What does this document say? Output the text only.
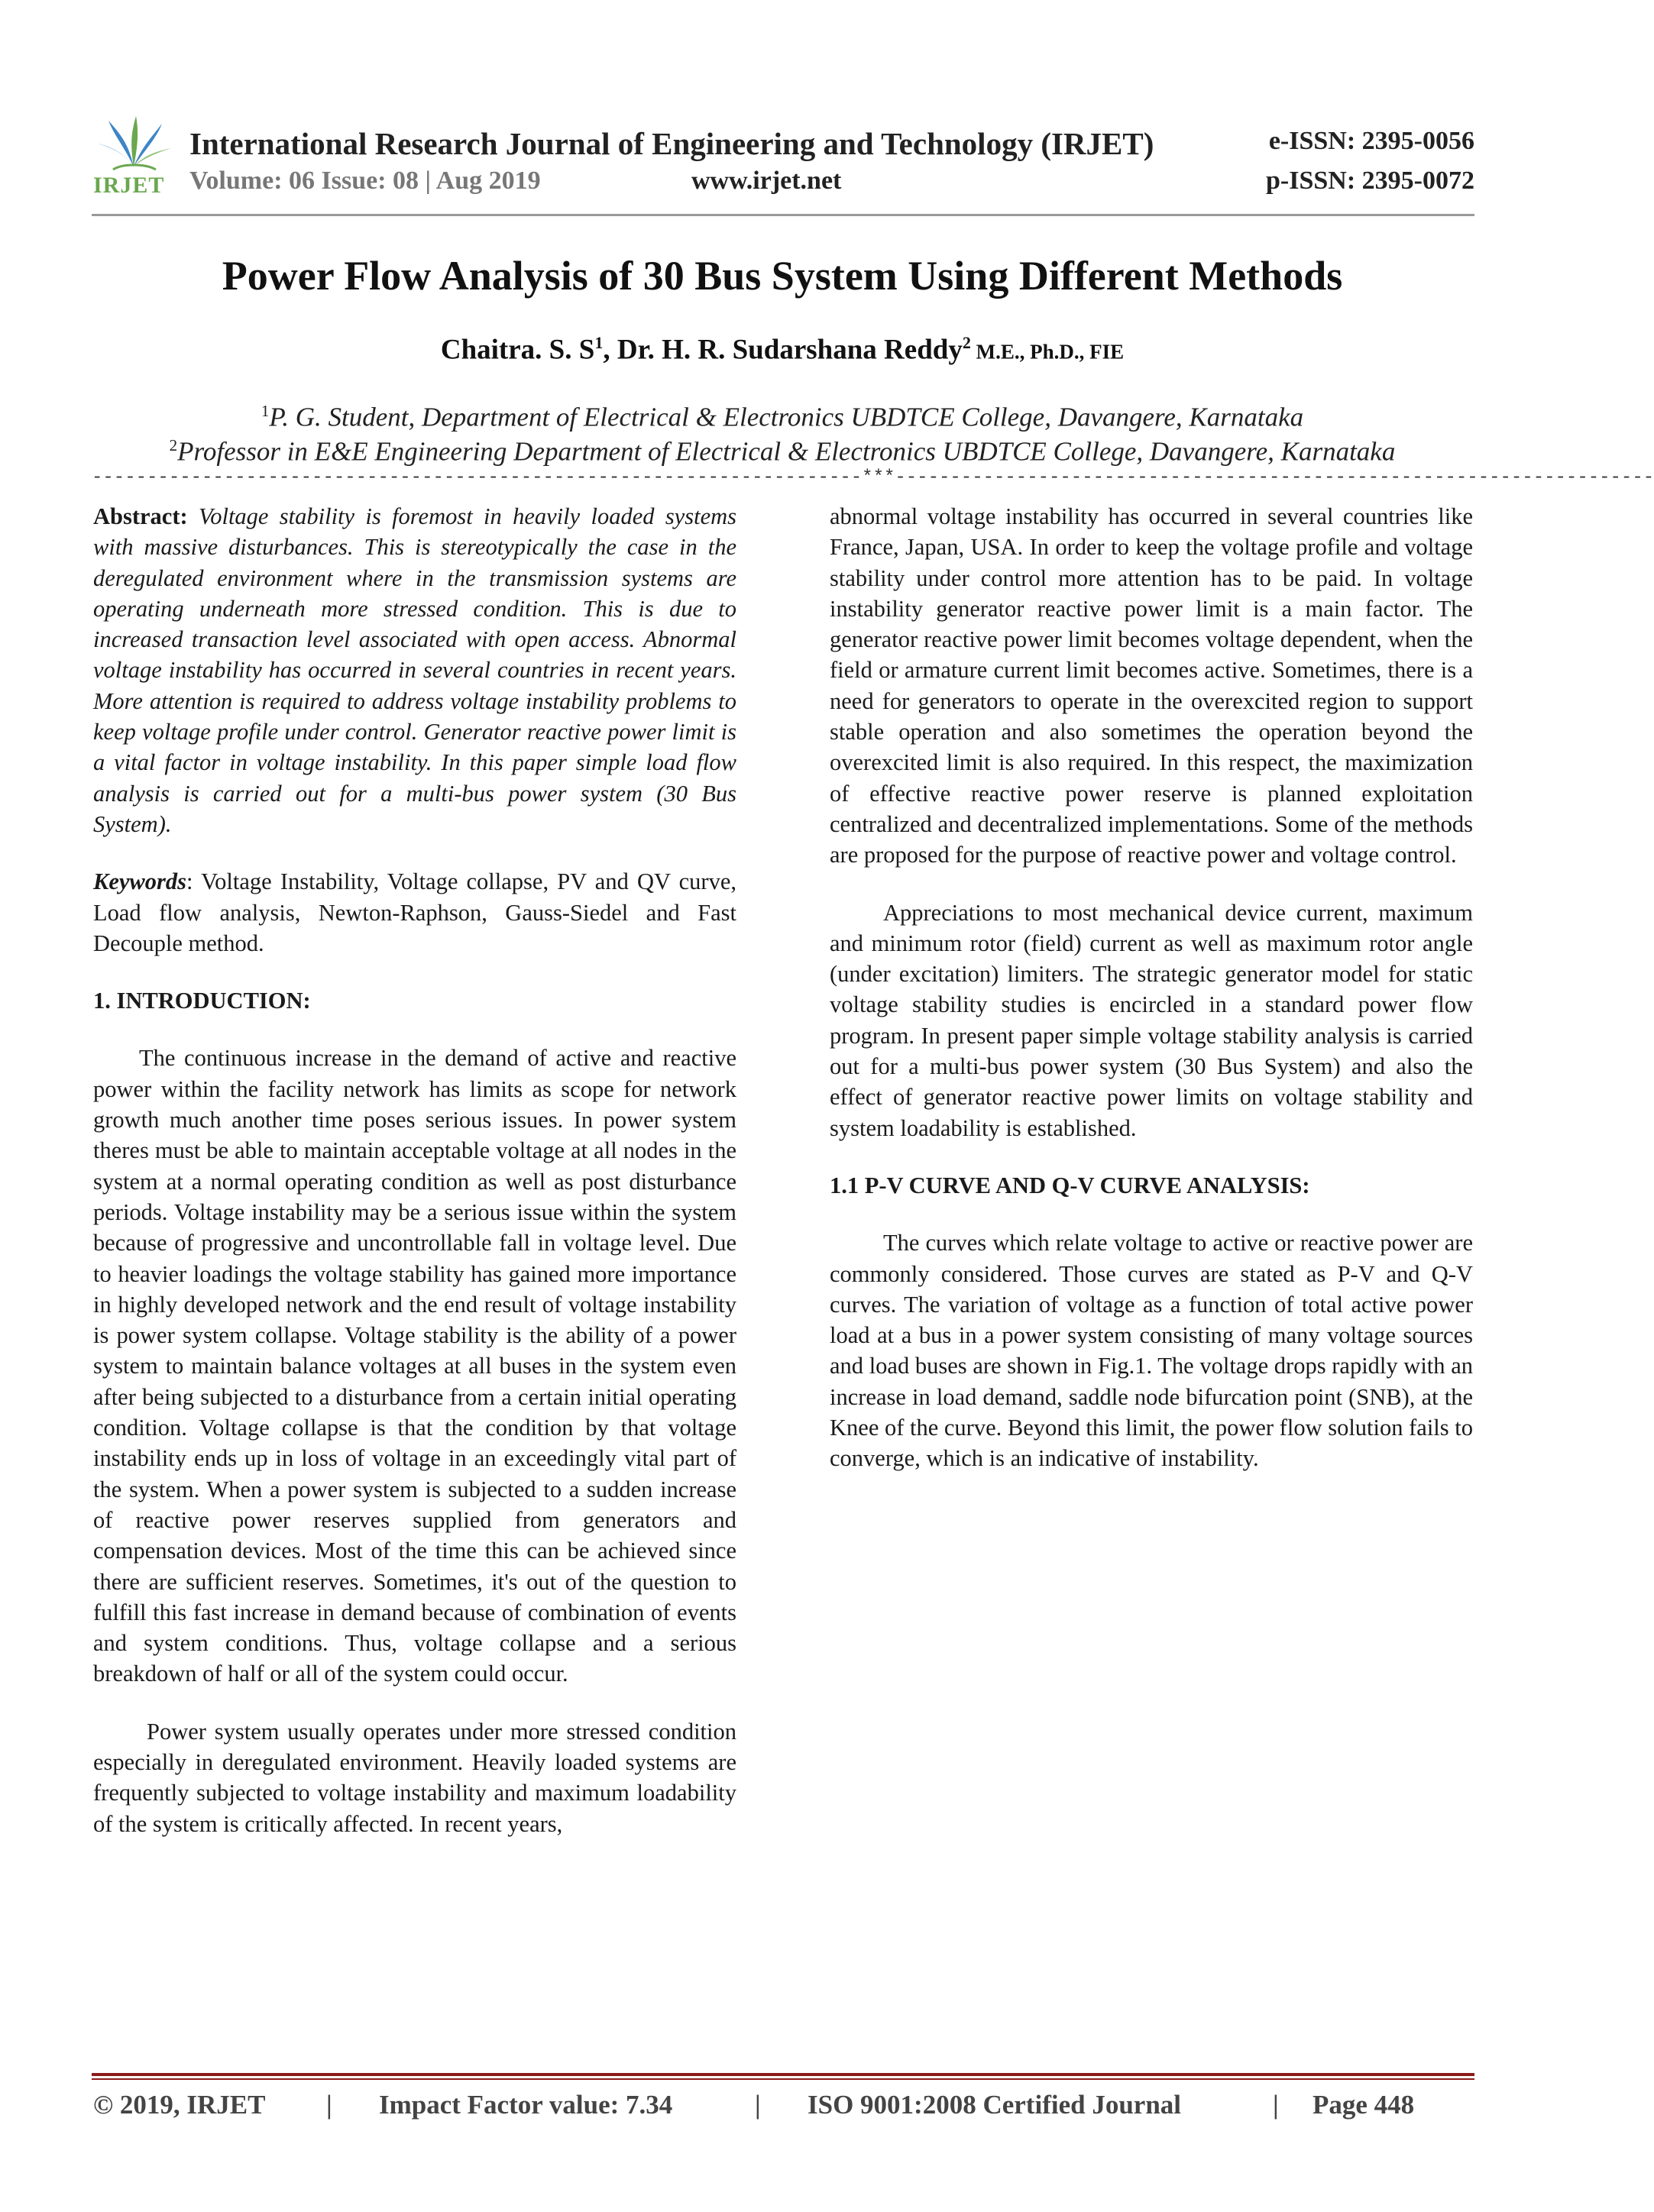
IRJET
International Research Journal of Engineering and Technology (IRJET)
Volume: 06 Issue: 08 | Aug 2019	www.irjet.net
e-ISSN: 2395-0056
p-ISSN: 2395-0072
Power Flow Analysis of 30 Bus System Using Different Methods
Chaitra. S. $S^1$, Dr. H. R. Sudarshana Reddy$^2$ M.E., Ph.D., FIE
$^1$P. G. Student, Department of Electrical & Electronics UBDTCE College, Davangere, Karnataka
$^2$Professor in E&E Engineering Department of Electrical & Electronics UBDTCE College, Davangere, Karnataka
----------------------------------------------------------------------***---------------------------------------------------------------------

Abstract: Voltage stability is foremost in heavily loaded systems with massive disturbances. This is stereotypically the case in the deregulated environment where in the transmission systems are operating underneath more stressed condition. This is due to increased transaction level associated with open access. Abnormal voltage instability has occurred in several countries in recent years. More attention is required to address voltage instability problems to keep voltage profile under control. Generator reactive power limit is a vital factor in voltage instability. In this paper simple load flow analysis is carried out for a multi-bus power system (30 Bus System).

Keywords: Voltage Instability, Voltage collapse, PV and QV curve, Load flow analysis, Newton-Raphson, Gauss-Siedel and Fast Decouple method.

1. INTRODUCTION:

The continuous increase in the demand of active and reactive power within the facility network has limits as scope for network growth much another time poses serious issues. In power system theres must be able to maintain acceptable voltage at all nodes in the system at a normal operating condition as well as post disturbance periods. Voltage instability may be a serious issue within the system because of progressive and uncontrollable fall in voltage level. Due to heavier loadings the voltage stability has gained more importance in highly developed network and the end result of voltage instability is power system collapse. Voltage stability is the ability of a power system to maintain balance voltages at all buses in the system even after being subjected to a disturbance from a certain initial operating condition. Voltage collapse is that the condition by that voltage instability ends up in loss of voltage in an exceedingly vital part of the system. When a power system is subjected to a sudden increase of reactive power reserves supplied from generators and compensation devices. Most of the time this can be achieved since there are sufficient reserves. Sometimes, it's out of the question to fulfill this fast increase in demand because of combination of events and system conditions. Thus, voltage collapse and a serious breakdown of half or all of the system could occur.

Power system usually operates under more stressed condition especially in deregulated environment. Heavily loaded systems are frequently subjected to voltage instability and maximum loadability of the system is critically affected. In recent years,

abnormal voltage instability has occurred in several countries like France, Japan, USA. In order to keep the voltage profile and voltage stability under control more attention has to be paid. In voltage instability generator reactive power limit is a main factor. The generator reactive power limit becomes voltage dependent, when the field or armature current limit becomes active. Sometimes, there is a need for generators to operate in the overexcited region to support stable operation and also sometimes the operation beyond the overexcited limit is also required. In this respect, the maximization of effective reactive power reserve is planned exploitation centralized and decentralized implementations. Some of the methods are proposed for the purpose of reactive power and voltage control.

Appreciations to most mechanical device current, maximum and minimum rotor (field) current as well as maximum rotor angle (under excitation) limiters. The strategic generator model for static voltage stability studies is encircled in a standard power flow program. In present paper simple voltage stability analysis is carried out for a multi-bus power system (30 Bus System) and also the effect of generator reactive power limits on voltage stability and system loadability is established.

1.1 P-V CURVE AND Q-V CURVE ANALYSIS:

The curves which relate voltage to active or reactive power are commonly considered. Those curves are stated as P-V and Q-V curves. The variation of voltage as a function of total active power load at a bus in a power system consisting of many voltage sources and load buses are shown in Fig.1. The voltage drops rapidly with an increase in load demand, saddle node bifurcation point (SNB), at the Knee of the curve. Beyond this limit, the power flow solution fails to converge, which is an indicative of instability.

© 2019, IRJET | Impact Factor value: 7.34	| ISO 9001:2008 Certified Journal	| Page 448
